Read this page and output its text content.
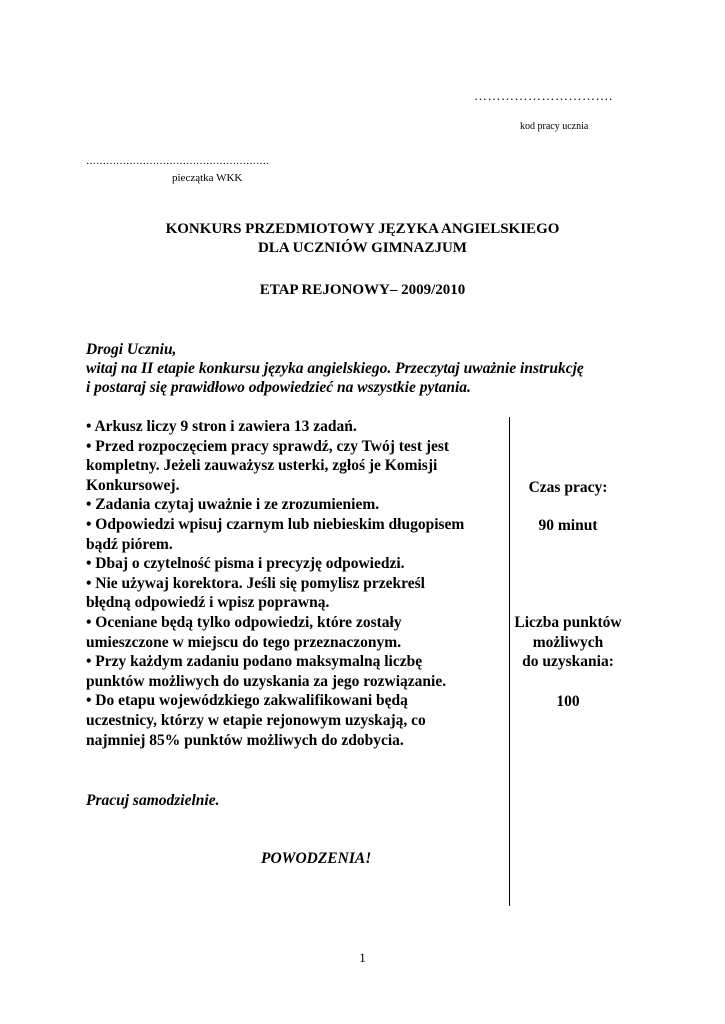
………………………….
kod pracy ucznia
……………………………………………….
pieczątka WKK
KONKURS PRZEDMIOTOWY JĘZYKA ANGIELSKIEGO
DLA UCZNIÓW GIMNAZJUM
ETAP REJONOWY– 2009/2010
Drogi Uczniu,
witaj na II etapie konkursu języka angielskiego. Przeczytaj uważnie instrukcję
i postaraj się prawidłowo odpowiedzieć na wszystkie pytania.
• Arkusz liczy 9 stron i zawiera 13 zadań.
• Przed rozpoczęciem pracy sprawdź, czy Twój test jest
kompletny. Jeżeli zauważysz usterki, zgłoś je Komisji
Konkursowej.
• Zadania czytaj uważnie i ze zrozumieniem.
• Odpowiedzi wpisuj czarnym lub niebieskim długopisem
bądź piórem.
• Dbaj o czytelność pisma i precyzję odpowiedzi.
• Nie używaj korektora. Jeśli się pomylisz przekreśl
błędną odpowiedź i wpisz poprawną.
• Oceniane będą tylko odpowiedzi, które zostały
umieszczone w miejscu do tego przeznaczonym.
• Przy każdym zadaniu podano maksymalną liczbę
punktów możliwych do uzyskania za jego rozwiązanie.
• Do etapu wojewódzkiego zakwalifikowani będą
uczestnicy, którzy w etapie rejonowym uzyskają, co
najmniej 85% punktów możliwych do zdobycia.
Czas pracy:
90 minut
Liczba punktów
możliwych
do uzyskania:
100
Pracuj samodzielnie.
POWODZENIA!
1
